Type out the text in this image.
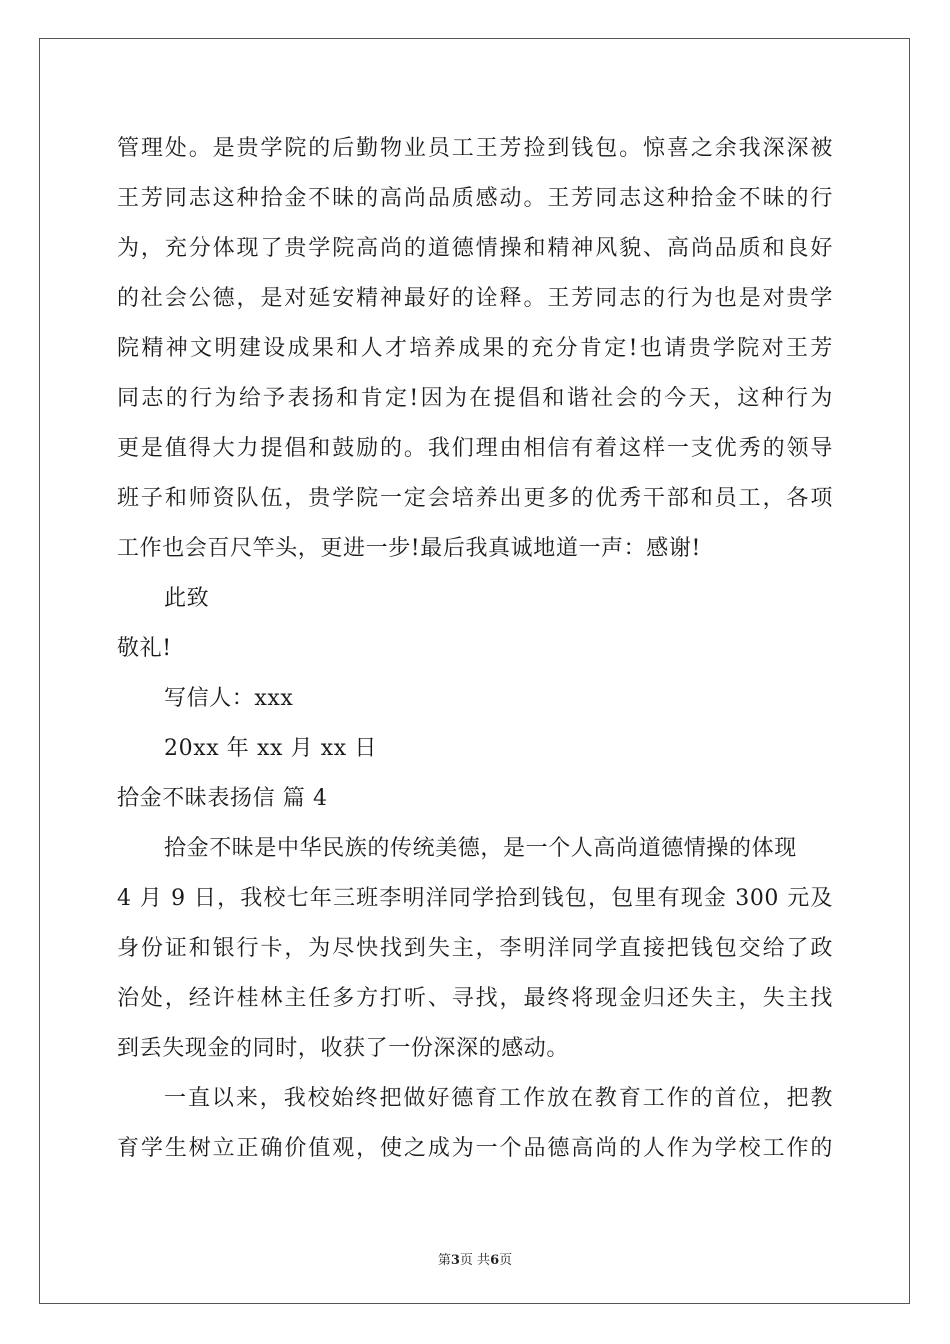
管理处。是贵学院的后勤物业员工王芳捡到钱包。惊喜之余我深深被
王芳同志这种拾金不昧的高尚品质感动。王芳同志这种拾金不昧的行
为，充分体现了贵学院高尚的道德情操和精神风貌、高尚品质和良好
的社会公德，是对延安精神最好的诠释。王芳同志的行为也是对贵学
院精神文明建设成果和人才培养成果的充分肯定!也请贵学院对王芳
同志的行为给予表扬和肯定!因为在提倡和谐社会的今天，这种行为
更是值得大力提倡和鼓励的。我们理由相信有着这样一支优秀的领导
班子和师资队伍，贵学院一定会培养出更多的优秀干部和员工，各项
工作也会百尺竿头，更进一步!最后我真诚地道一声：感谢!
此致
敬礼!
写信人：xxx
20xx 年 xx 月 xx 日
拾金不昧表扬信 篇 4
拾金不昧是中华民族的传统美德，是一个人高尚道德情操的体现
4 月 9 日，我校七年三班李明洋同学拾到钱包，包里有现金 300 元及
身份证和银行卡，为尽快找到失主，李明洋同学直接把钱包交给了政
治处，经许桂林主任多方打听、寻找，最终将现金归还失主，失主找
到丢失现金的同时，收获了一份深深的感动。
一直以来，我校始终把做好德育工作放在教育工作的首位，把教
育学生树立正确价值观，使之成为一个品德高尚的人作为学校工作的
第3页 共6页
